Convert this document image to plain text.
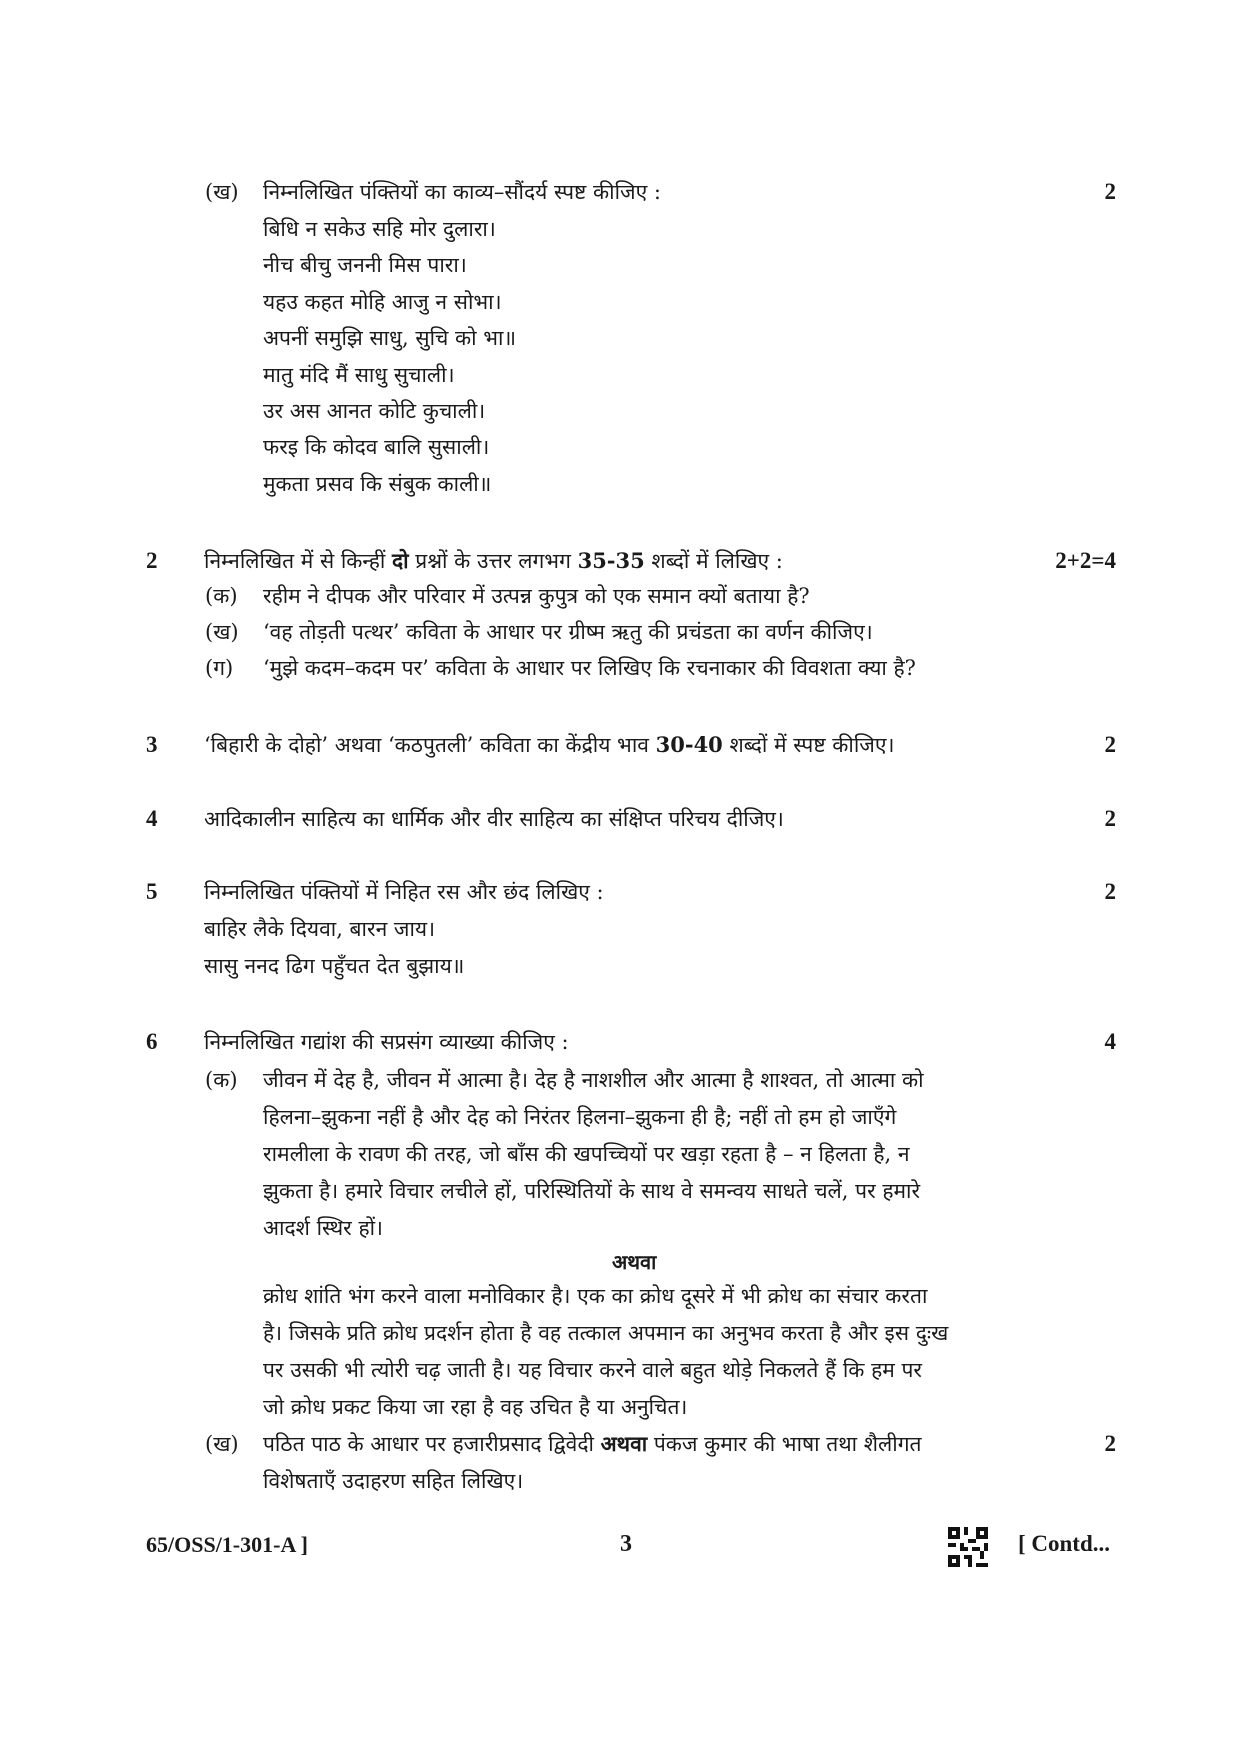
(ख) निम्नलिखित पंक्तियों का काव्य–सौंदर्य स्पष्ट कीजिए :	2
बिधि न सकेउ सहि मोर दुलारा।
नीच बीचु जननी मिस पारा।
यहउ कहत मोहि आजु न सोभा।
अपनीं समुझि साधु, सुचि को भा॥
मातु मंदि मैं साधु सुचाली।
उर अस आनत कोटि कुचाली।
फरइ कि कोदव बालि सुसाली।
मुकता प्रसव कि संबुक काली॥
2 निम्नलिखित में से किन्हीं दो प्रश्नों के उत्तर लगभग 35-35 शब्दों में लिखिए :	2+2=4
(क) रहीम ने दीपक और परिवार में उत्पन्न कुपुत्र को एक समान क्यों बताया है?
(ख) ‘वह तोड़ती पत्थर’ कविता के आधार पर ग्रीष्म ऋतु की प्रचंडता का वर्णन कीजिए।
(ग) ‘मुझे कदम–कदम पर’ कविता के आधार पर लिखिए कि रचनाकार की विवशता क्या है?
3 ‘बिहारी के दोहो’ अथवा ‘कठपुतली’ कविता का केंद्रीय भाव 30-40 शब्दों में स्पष्ट कीजिए।	2
4 आदिकालीन साहित्य का धार्मिक और वीर साहित्य का संक्षिप्त परिचय दीजिए।	2
5 निम्नलिखित पंक्तियों में निहित रस और छंद लिखिए :	2
बाहिर लैके दियवा, बारन जाय।
सासु ननद ढिग पहुँचत देत बुझाय॥
6 निम्नलिखित गद्यांश की सप्रसंग व्याख्या कीजिए :	4
(क) जीवन में देह है, जीवन में आत्मा है। देह है नाशशील और आत्मा है शाश्वत, तो आत्मा को
हिलना–झुकना नहीं है और देह को निरंतर हिलना–झुकना ही है; नहीं तो हम हो जाएँगे
रामलीला के रावण की तरह, जो बाँस की खपच्चियों पर खड़ा रहता है – न हिलता है, न
झुकता है। हमारे विचार लचीले हों, परिस्थितियों के साथ वे समन्वय साधते चलें, पर हमारे
आदर्श स्थिर हों।
अथवा
क्रोध शांति भंग करने वाला मनोविकार है। एक का क्रोध दूसरे में भी क्रोध का संचार करता
है। जिसके प्रति क्रोध प्रदर्शन होता है वह तत्काल अपमान का अनुभव करता है और इस दुःख
पर उसकी भी त्योरी चढ़ जाती है। यह विचार करने वाले बहुत थोड़े निकलते हैं कि हम पर
जो क्रोध प्रकट किया जा रहा है वह उचित है या अनुचित।
(ख) पठित पाठ के आधार पर हजारीप्रसाद द्विवेदी अथवा पंकज कुमार की भाषा तथा शैलीगत	2
विशेषताएँ उदाहरण सहित लिखिए।
65/OSS/1-301-A ]	3	[ Contd...
